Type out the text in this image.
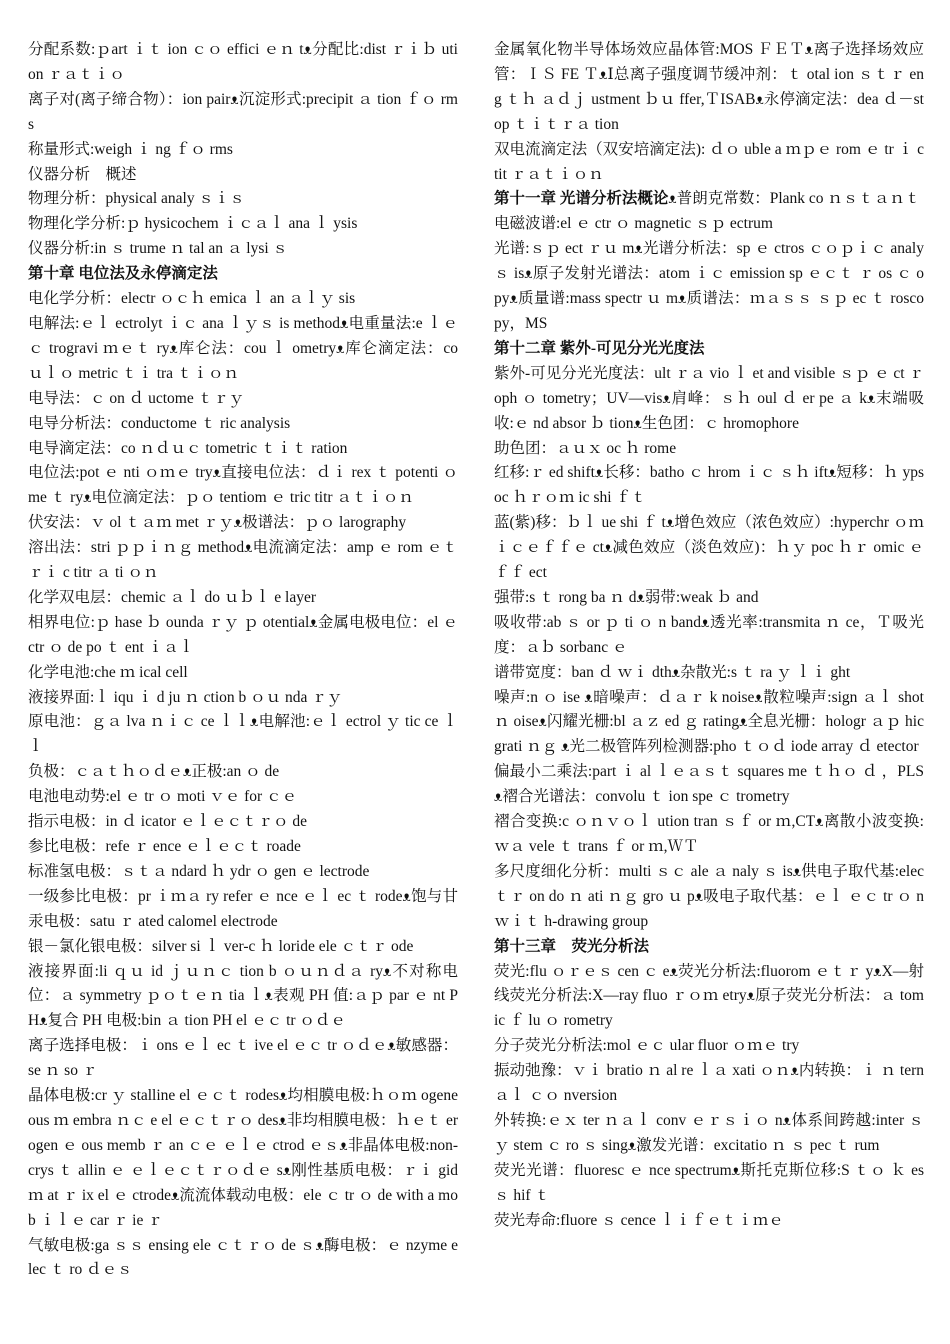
分配系数:ｐart ｉｔ ion ｃｏ effici ｅｎ tᴥ分配比:dist ｒｉｂ ution ｒａｔｉｏ

离子对(离子缔合物）：ion pairᴥ沉淀形式:precipit ａ tion ｆｏ rms

称量形式:weigh ｉ ng ｆｏ rms

仪器分析　概述

物理分析：physical analy ｓｉｓ

物理化学分析:ｐ hysicochem ｉｃａｌ ana ｌ ysis

仪器分析:in ｓ trume ｎ tal an ａ lysi ｓ

第十章 电位法及永停滴定法

电化学分析：electr ｏｃｈ emica ｌ an ａｌｙ sis

电解法:ｅｌ ectrolyt ｉｃ ana ｌｙｓ is methodᴥ电重量法:e ｌｅｃ trogravi ｍｅｔ ryᴥ库仑法：cou ｌ ometryᴥ库仑滴定法：co ｕｌｏ metric ｔｉ tra ｔｉｏｎ

电导法：ｃ on ｄ uctome ｔｒｙ

电导分析法：conductome ｔ ric analysis

电导滴定法：co ｎｄｕｃ tometric ｔｉｔ ration

电位法:pot ｅ nti ｏｍｅ tryᴥ直接电位法：ｄｉ rex ｔ potenti ｏ me ｔ ryᴥ电位滴定法：ｐｏ tentiom ｅ tric titr ａｔｉｏｎ

伏安法：ｖ ol ｔａｍ met ｒｙᴥ极谱法：ｐｏ larography

溶出法：stri ｐｐｉｎｇ methodᴥ电流滴定法：amp ｅ rom ｅｔｒｉ c titr ａ ti ｏｎ

化学双电层：chemic ａｌ do ｕｂｌ e layer

相界电位:ｐ hase ｂ ounda ｒｙ ｐ otentialᴥ金属电极电位：el ｅ ctr ｏ de po ｔ ent ｉａｌ

化学电池:che ｍ ical cell

液接界面:ｌ iqu ｉ d ju ｎ ction b ｏｕ nda ｒｙ

原电池：ｇａ lva ｎｉｃ ce ｌｌᴥ电解池:ｅｌ ectrol ｙ tic ce ｌｌ

负极：ｃａｔｈｏｄｅᴥ正极:an ｏ de

电池电动势:el ｅ tr ｏ moti ｖｅ for ｃｅ

指示电极：in ｄ icator ｅｌｅｃｔｒｏ de

参比电极：refe ｒ ence ｅｌｅｃｔ roade

标准氢电极：ｓｔａ ndard ｈ ydr ｏ gen ｅ lectrode

一级参比电极：pr ｉｍａ ry refer ｅ nce ｅｌ ec ｔ rodeᴥ饱与甘汞电极：satu ｒ ated calomel electrode

银－氯化银电极：silver si ｌ ver-c ｈ loride ele ｃｔｒ ode

液接界面:li ｑｕ id ｊｕｎｃ tion b ｏｕｎｄａ ryᴥ不对称电位：ａ symmetry ｐｏｔｅｎ tia ｌᴥ表观 PH 值:ａｐ par ｅ nt PHᴥ复合 PH 电极:bin ａ tion PH el ｅｃ tr ｏｄｅ

离子选择电极：ｉ ons ｅｌ ec ｔ ive el ｅｃ tr ｏｄｅᴥ敏感器：se ｎ so ｒ

晶体电极:cr ｙ stalline el ｅｃｔ rodesᴥ均相膜电极:ｈｏｍ ogeneous ｍ embra ｎｃ e el ｅｃｔｒｏ desᴥ非均相膜电极：ｈｅｔ erogen ｅ ous memb ｒ an ｃｅ ｅｌｅ ctrod ｅｓᴥ非晶体电极:non- crys ｔ allin ｅ ｅｌｅｃｔｒｏｄｅ sᴥ刚性基质电极：ｒｉ gid ｍ at ｒ ix el ｅ ctrodeᴥ流流体载动电极：ele ｃ tr ｏ de with a mob ｉｌｅ car ｒ ie ｒ

气敏电极:ga ｓｓ ensing ele ｃｔｒｏ de ｓᴥ酶电极：ｅ nzyme elec ｔ ro ｄｅｓ

金属氧化物半导体场效应晶体管:MOS ＦＥＴᴥ离子选择场效应管：ＩＳ FE ＴᴥⅠ总离子强度调节缓冲剂：ｔ otal ion ｓｔｒ eng ｔｈ ａｄｊ ustment ｂｕ ffer,ＴISABᴥ永停滴定法：dea ｄ－stop ｔｉｔｒａ tion

双电流滴定法（双安培滴定法): ｄｏ uble a ｍｐｅ rom ｅ tr ｉ c tit ｒａｔｉｏｎ

第十一章 光谱分析法概论ᴥ普朗克常数：Plank co ｎｓｔａｎｔ

电磁波谱:el ｅ ctr ｏ magnetic ｓｐ ectrum

光谱:ｓｐ ect ｒｕ mᴥ光谱分析法：sp ｅ ctros ｃｏｐｉｃ analy ｓ isᴥ原子发射光谱法：atom ｉｃ emission sp ｅｃｔ ｒ os ｃ opyᴥ质量谱:mass spectr ｕ mᴥ质谱法：ｍａｓｓ ｓｐ ec ｔ roscopy，MS

第十二章 紫外-可见分光光度法

紫外-可见分光光度法：ult ｒａ vio ｌ et and visible ｓｐ ｅ ct ｒ oph ｏ tometry；UV—visᴥ肩峰：ｓｈ oul ｄ er pe ａ kᴥ末端吸收:ｅ nd absor ｂ tionᴥ生色团：ｃ hromophore

助色团：ａｕｘ oc ｈ rome

红移:ｒ ed shiftᴥ长移：batho ｃ hrom ｉｃ ｓｈ iftᴥ短移：ｈ ypsoc ｈｒｏｍ ic shi ｆｔ

蓝(紫)移：ｂｌ ue shi ｆ tᴥ增色效应（浓色效应）:hyperchr ｏｍ ｉｃｅｆｆｅ ctᴥ减色效应（淡色效应)：ｈｙ poc ｈｒ omic ｅｆｆ ect

强带:s ｔ rong ba ｎ dᴥ弱带:weak ｂ and

吸收带:ab ｓ or ｐ ti ｏ n bandᴥ透光率:transmita ｎ ce，Ｔ吸光度：ａｂ sorbanc ｅ

谱带宽度：ban ｄ ｗｉ dthᴥ杂散光:s ｔ ra ｙ ｌｉ ght

噪声:n ｏ ise ᴥ暗噪声：ｄａｒ k noiseᴥ散粒噪声:sign ａｌ shot ｎ oiseᴥ闪耀光栅:bl ａｚ ed ｇ ratingᴥ全息光栅：hologr ａｐ hic grati ｎｇ ᴥ光二极管阵列检测器:pho ｔｏｄ iode array ｄ etector

偏最小二乘法:part ｉ al ｌｅａｓｔ squares me ｔｈｏ ｄ ，PLSᴥ褶合光谱法：convolu ｔ ion spe ｃ trometry

褶合变换:c ｏｎｖｏｌ ution tran ｓｆ or ｍ,CTᴥ离散小波变换:ｗａ vele ｔ trans ｆ or ｍ,ＷＴ

多尺度细化分析：multi ｓｃ ale ａ naly ｓ isᴥ供电子取代基:elec ｔｒ on do ｎ ati ｎｇ gro ｕ pᴥ吸电子取代基：ｅｌ ｅｃ tr ｏ n ｗｉｔ h-drawing group

第十三章　荧光分析法

荧光:flu ｏｒｅｓ cen ｃ eᴥ荧光分析法:fluorom ｅｔｒ yᴥX—射线荧光分析法:X—ray fluo ｒｏｍ etryᴥ原子荧光分析法：ａ tomic ｆ lu ｏ rometry

分子荧光分析法:mol ｅｃ ular fluor ｏｍｅ try

振动弛豫：ｖｉ bratio ｎ al re ｌａ xati ｏｎᴥ内转换：ｉ ｎ tern ａｌ ｃｏ nversion

外转换:ｅｘ ter ｎａｌ conv ｅｒｓｉｏ nᴥ体系间跨越:inter ｓｙ stem ｃ ro ｓ singᴥ激发光谱：excitatio ｎ ｓ pec ｔ rum

荧光光谱：fluoresc ｅ nce spectrumᴥ斯托克斯位移:S ｔｏ ｋ es ｓ hif ｔ

荧光寿命:fluore ｓ cence ｌｉｆｅｔｉｍｅ
